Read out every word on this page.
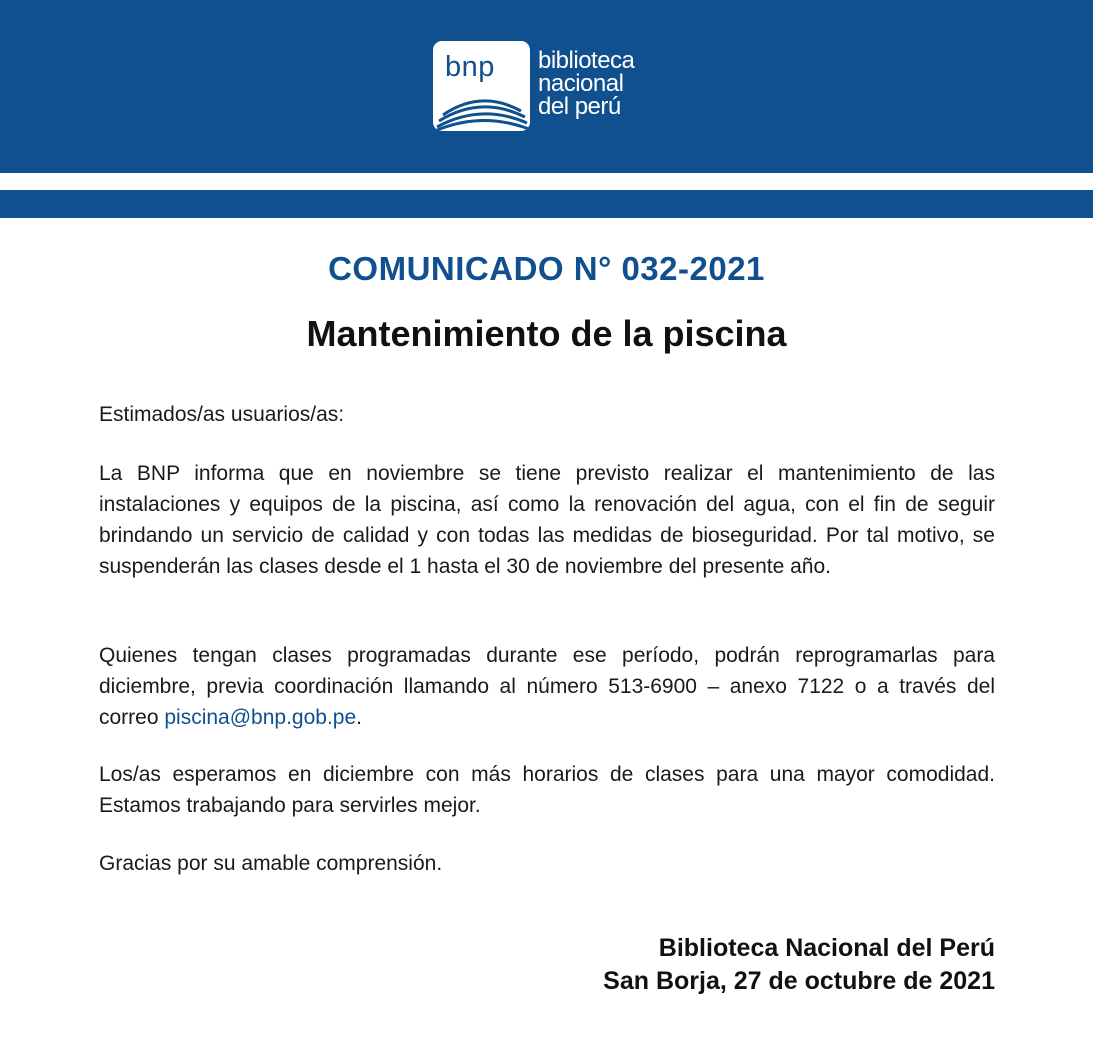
bnp biblioteca
nacional
del perú
COMUNICADO N° 032-2021
Mantenimiento de la piscina

Estimados/as usuarios/as:

La BNP informa que en noviembre se tiene previsto realizar el mantenimiento de las instalaciones y equipos de la piscina, así como la renovación del agua, con el fin de seguir brindando un servicio de calidad y con todas las medidas de bioseguridad. Por tal motivo, se suspenderán las clases desde el 1 hasta el 30 de noviembre del presente año.

Quienes tengan clases programadas durante ese período, podrán reprogramarlas para diciembre, previa coordinación llamando al número 513-6900 – anexo 7122 o a través del correo piscina@bnp.gob.pe.

Los/as esperamos en diciembre con más horarios de clases para una mayor comodidad. Estamos trabajando para servirles mejor.

Gracias por su amable comprensión.

Biblioteca Nacional del Perú
San Borja, 27 de octubre de 2021
